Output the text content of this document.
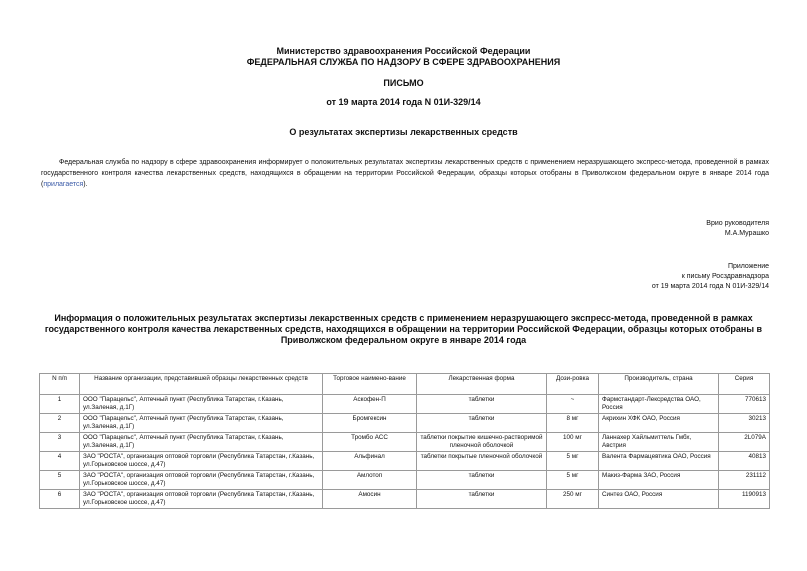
Министерство здравоохранения Российской Федерации
ФЕДЕРАЛЬНАЯ СЛУЖБА ПО НАДЗОРУ В СФЕРЕ ЗДРАВООХРАНЕНИЯ
ПИСЬМО
от 19 марта 2014 года N 01И-329/14
О результатах экспертизы лекарственных средств
Федеральная служба по надзору в сфере здравоохранения информирует о положительных результатах экспертизы лекарственных средств с применением неразрушающего экспресс-метода, проведенной в рамках государственного контроля качества лекарственных средств, находящихся в обращении на территории Российской Федерации, образцы которых отобраны в Приволжском федеральном округе в январе 2014 года (прилагается).
Врио руководителя
М.А.Мурашко
Приложение
к письму Росздравнадзора
от 19 марта 2014 года N 01И-329/14
Информация о положительных результатах экспертизы лекарственных средств с применением неразрушающего экспресс-метода, проведенной в рамках государственного контроля качества лекарственных средств, находящихся в обращении на территории Российской Федерации, образцы которых отобраны в Приволжском федеральном округе в январе 2014 года
N п/п	Название организации, представившей образцы лекарственных средств	Торговое наимено-вание	Лекарственная форма	Дози-ровка	Производитель, страна	Серия
1	ООО "Парацельс", Аптечный пункт (Республика Татарстан, г.Казань, ул.Заленая, д.1Г)	Аскофен-П	таблетки	~	Фармстандарт-Лексредства ОАО, Россия	770613
2	ООО "Парацельс", Аптечный пункт (Республика Татарстан, г.Казань, ул.Заленая, д.1Г)	Бромгексин	таблетки	8 мг	Акрихин ХФК ОАО, Россия	30213
3	ООО "Парацельс", Аптечный пункт (Республика Татарстан, г.Казань, ул.Заленая, д.1Г)	Тромбо АСС	таблетки покрытие кишечно-растворимой пленочной оболочкой	100 мг	Ланнахер Хайльмиттель Гмбх, Австрия	2L079A
4	ЗАО "РОСТА", организация оптовой торговли (Республика Татарстан, г.Казань, ул.Горьковское шоссе, д.47)	Альфинал	таблетки покрытые пленочной оболочкой	5 мг	Валента Фармацевтика ОАО, Россия	40813
5	ЗАО "РОСТА", организация оптовой торговли (Республика Татарстан, г.Казань, ул.Горьковское шоссе, д.47)	Амлотоп	таблетки	5 мг	Макиз-Фарма ЗАО, Россия	231112
6	ЗАО "РОСТА", организация оптовой торговли (Республика Татарстан, г.Казань, ул.Горьковское шоссе, д.47)	Амосин	таблетки	250 мг	Синтез ОАО, Россия	1190913
